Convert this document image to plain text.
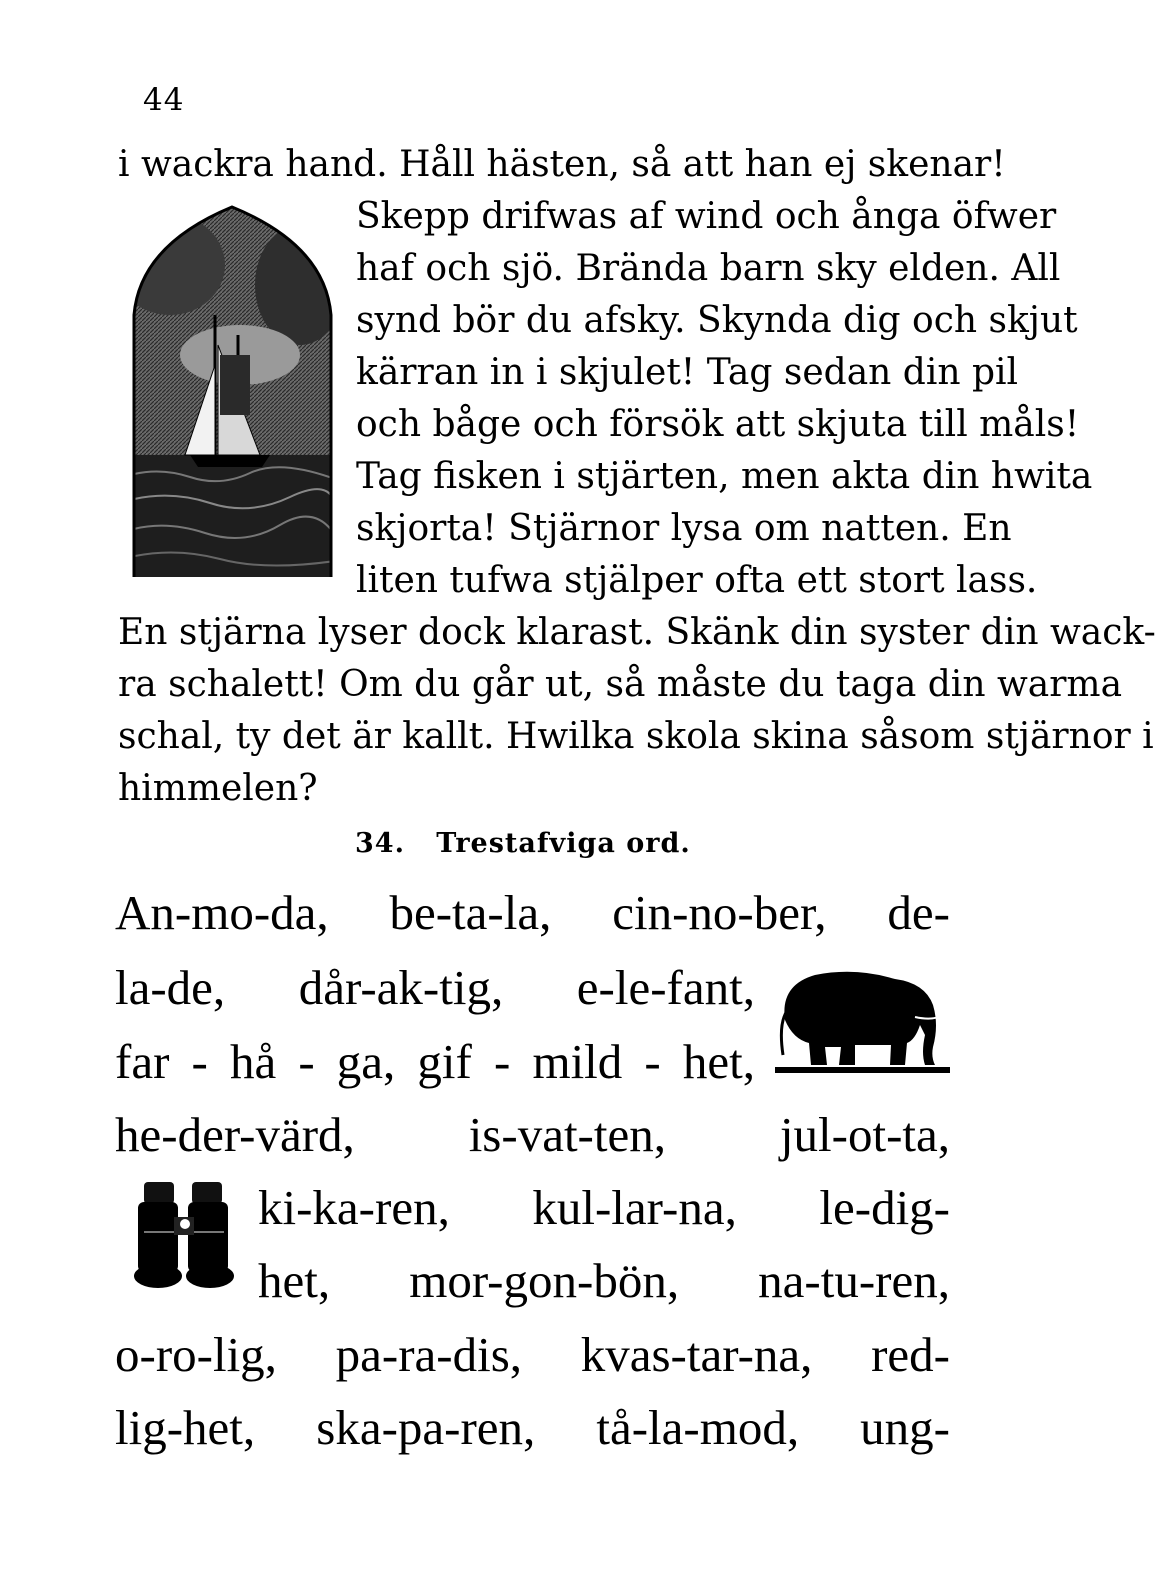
44
i wackra hand. Håll hästen, så att han ej skenar!
Skepp drifwas af wind och ånga öfwer
haf och sjö. Brända barn sky elden. All
synd bör du afsky. Skynda dig och skjut
kärran in i skjulet! Tag sedan din pil
och båge och försök att skjuta till måls!
Tag fisken i stjärten, men akta din hwita
skjorta! Stjärnor lysa om natten. En
liten tufwa stjälper ofta ett stort lass.
En stjärna lyser dock klarast. Skänk din syster din wack-
ra schalett! Om du går ut, så måste du taga din warma
schal, ty det är kallt. Hwilka skola skina såsom stjärnor i
himmelen?
34. Trestafviga ord.
An-mo-da, be-ta-la, cin-no-ber, de-
la-de, dår-ak-tig, e-le-fant,
far - hå - ga, gif - mild - het,
he-der-värd, is-vat-ten, jul-ot-ta,
ki-ka-ren, kul-lar-na, le-dig-
het, mor-gon-bön, na-tu-ren,
o-ro-lig, pa-ra-dis, kvas-tar-na, red-
lig-het, ska-pa-ren, tå-la-mod, ung-
